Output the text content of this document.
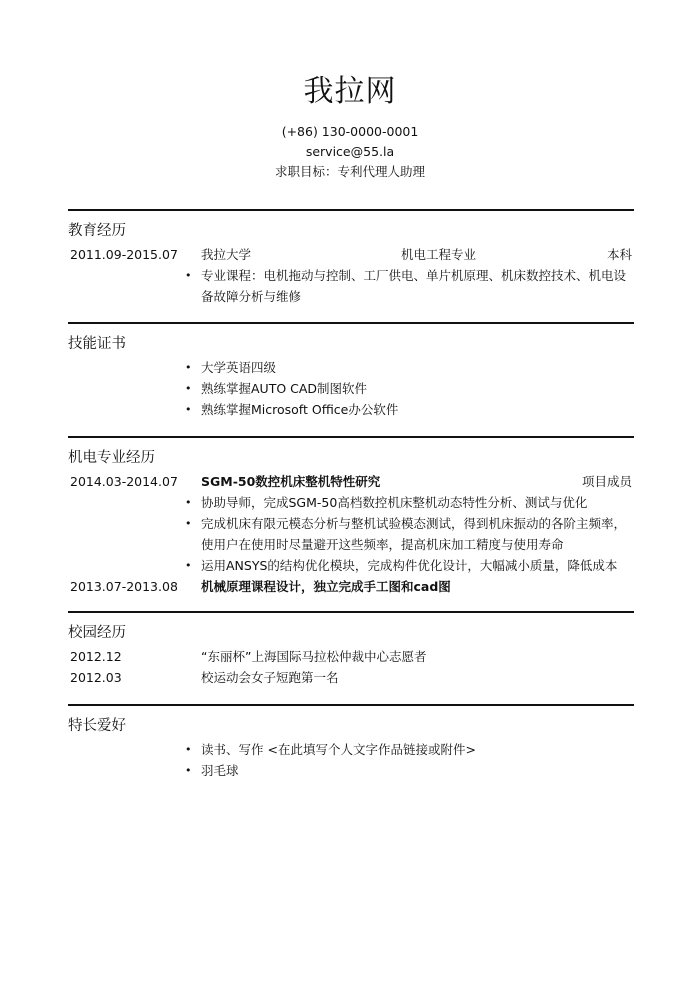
我拉网
(+86) 130-0000-0001
service@55.la
求职目标：专利代理人助理
教育经历
2011.09-2015.07	我拉大学	机电工程专业	本科
• 专业课程：电机拖动与控制、工厂供电、单片机原理、机床数控技术、机电设备故障分析与维修
技能证书
• 大学英语四级
• 熟练掌握AUTO CAD制图软件
• 熟练掌握Microsoft Office办公软件
机电专业经历
2014.03-2014.07	SGM-50数控机床整机特性研究	项目成员
• 协助导师，完成SGM-50高档数控机床整机动态特性分析、测试与优化
• 完成机床有限元模态分析与整机试验模态测试，得到机床振动的各阶主频率，使用户在使用时尽量避开这些频率，提高机床加工精度与使用寿命
• 运用ANSYS的结构优化模块，完成构件优化设计，大幅减小质量，降低成本
2013.07-2013.08	机械原理课程设计，独立完成手工图和cad图
校园经历
2012.12	“东丽杯”上海国际马拉松仲裁中心志愿者
2012.03	校运动会女子短跑第一名
特长爱好
• 读书、写作 <在此填写个人文字作品链接或附件>
• 羽毛球
